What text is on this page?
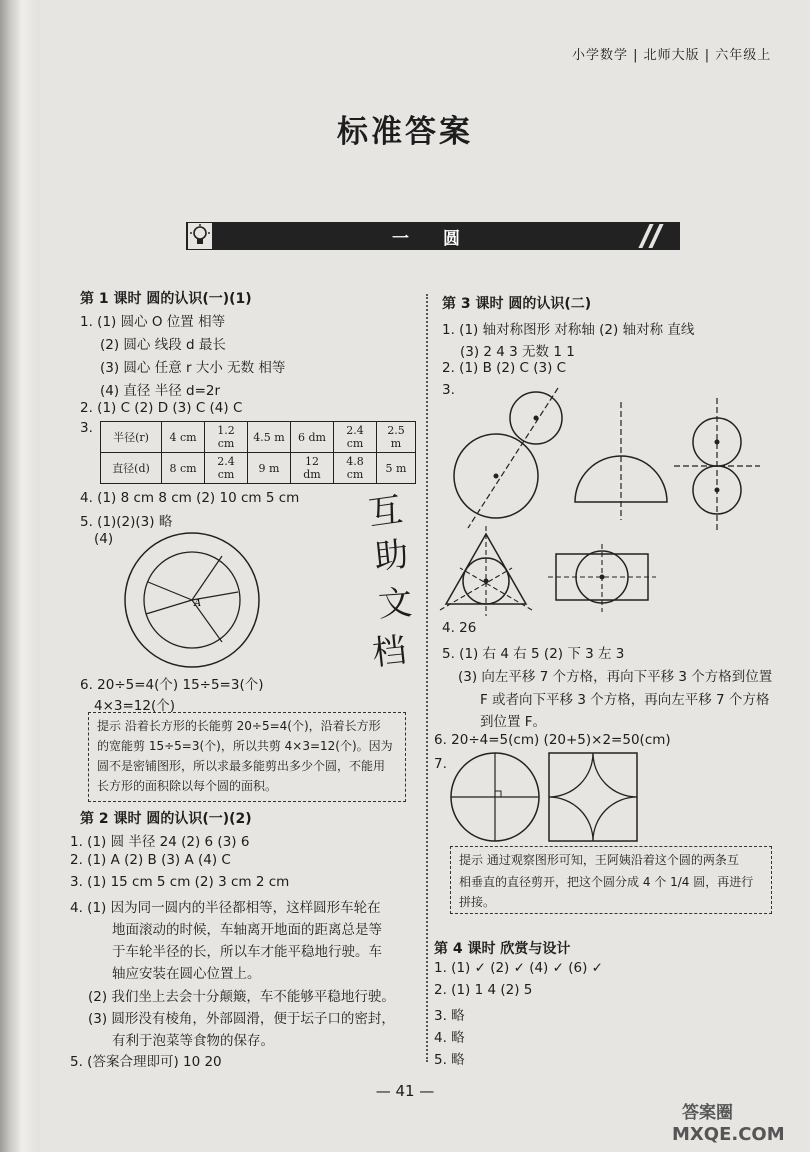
小学数学 | 北师大版 | 六年级上
标准答案
一 圆
第 1 课时 圆的认识(一)(1)
1. (1) 圆心 O 位置 相等
(2) 圆心 线段 d 最长
(3) 圆心 任意 r 大小 无数 相等
(4) 直径 半径 d=2r
2. (1) C (2) D (3) C (4) C
3.
4. (1) 8 cm 8 cm (2) 10 cm 5 cm
5. (1)(2)(3) 略
(4)
6. 20÷5=4(个) 15÷5=3(个)
4×3=12(个)
第 2 课时 圆的认识(一)(2)
1. (1) 圆 半径 24 (2) 6 (3) 6
2. (1) A (2) B (3) A (4) C
3. (1) 15 cm 5 cm (2) 3 cm 2 cm
4. (1) 因为同一圆内的半径都相等，这样圆形车轮在
地面滚动的时候，车轴离开地面的距离总是等
于车轮半径的长，所以车才能平稳地行驶。车
轴应安装在圆心位置上。
(2) 我们坐上去会十分颠簸，车不能够平稳地行驶。
(3) 圆形没有棱角，外部圆滑，便于坛子口的密封，
有利于泡菜等食物的保存。
5. (答案合理即可) 10 20
第 3 课时 圆的认识(二)
1. (1) 轴对称图形 对称轴 (2) 轴对称 直线
(3) 2 4 3 无数 1 1
2. (1) B (2) C (3) C
3.
4. 26
5. (1) 右 4 右 5 (2) 下 3 左 3
(3) 向左平移 7 个方格，再向下平移 3 个方格到位置
F 或者向下平移 3 个方格，再向左平移 7 个方格
到位置 F。
6. 20÷4=5(cm) (20+5)×2=50(cm)
7.
第 4 课时 欣赏与设计
1. (1) ✓ (2) ✓ (4) ✓ (6) ✓
2. (1) 1 4 (2) 5
3. 略
4. 略
5. 略
半径(r)	4 cm	1.2 cm	4.5 m	6 dm	2.4 cm	2.5 m
直径(d)	8 cm	2.4 cm	9 m	12 dm	4.8 cm	5 m
A
互
助
文
档
提示 沿着长方形的长能剪 20÷5=4(个)，沿着长方形
的宽能剪 15÷5=3(个)，所以共剪 4×3=12(个)。因为
圆不是密铺图形，所以求最多能剪出多少个圆，不能用
长方形的面积除以每个圆的面积。
提示 通过观察图形可知，王阿姨沿着这个圆的两条互
相垂直的直径剪开，把这个圆分成 4 个 1/4 圆，再进行
拼接。
— 41 —
答案圈
MXQE.COM
